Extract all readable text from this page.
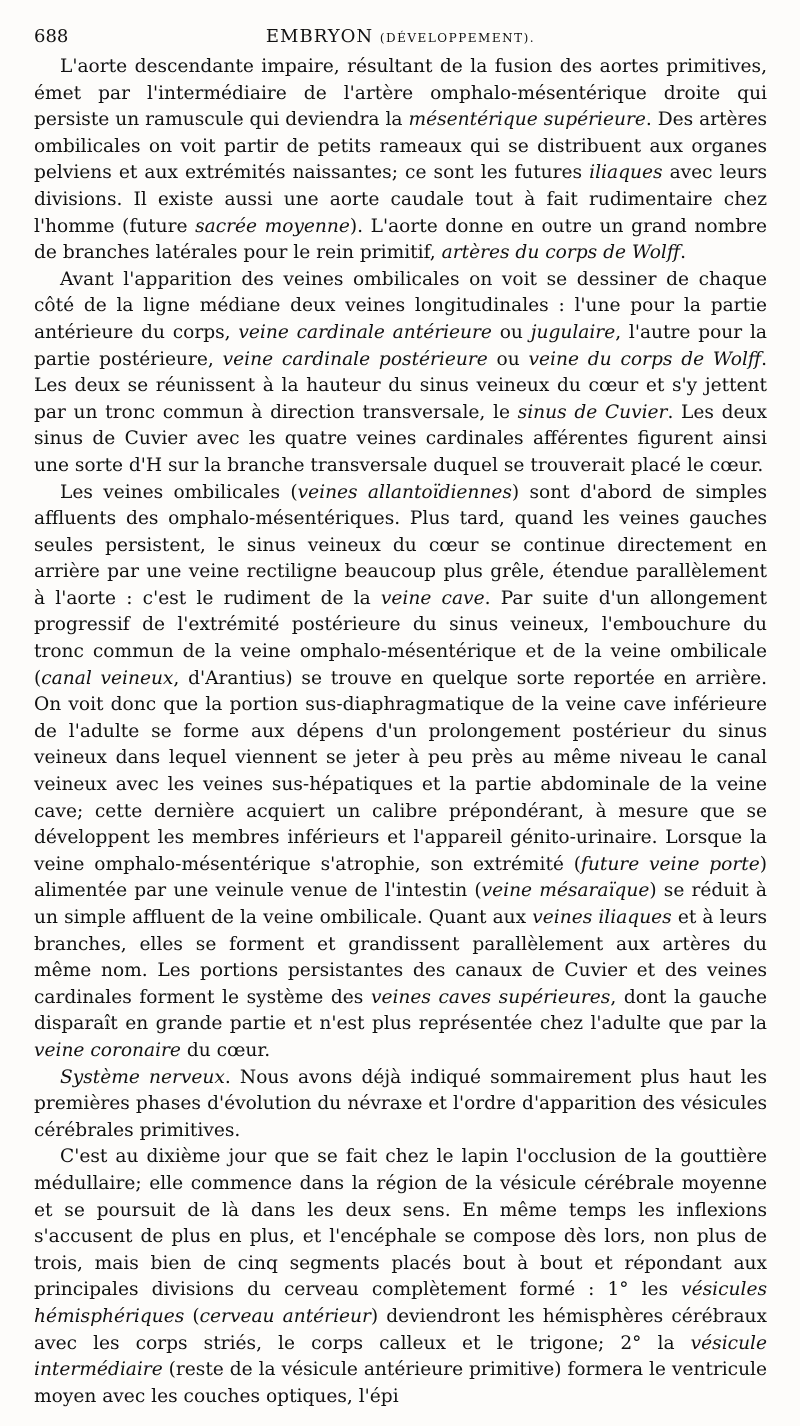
688	EMBRYON (DÉVELOPPEMENT).

L'aorte descendante impaire, résultant de la fusion des aortes primitives, émet par l'intermédiaire de l'artère omphalo-mésentérique droite qui persiste un ramuscule qui deviendra la mésentérique supérieure. Des artères ombilicales on voit partir de petits rameaux qui se distribuent aux organes pelviens et aux extrémités naissantes; ce sont les futures iliaques avec leurs divisions. Il existe aussi une aorte caudale tout à fait rudimentaire chez l'homme (future sacrée moyenne). L'aorte donne en outre un grand nombre de branches latérales pour le rein primitif, artères du corps de Wolff.

Avant l'apparition des veines ombilicales on voit se dessiner de chaque côté de la ligne médiane deux veines longitudinales : l'une pour la partie antérieure du corps, veine cardinale antérieure ou jugulaire, l'autre pour la partie postérieure, veine cardinale postérieure ou veine du corps de Wolff. Les deux se réunissent à la hauteur du sinus veineux du cœur et s'y jettent par un tronc commun à direction transversale, le sinus de Cuvier. Les deux sinus de Cuvier avec les quatre veines cardinales afférentes figurent ainsi une sorte d'H sur la branche transversale duquel se trouverait placé le cœur.

Les veines ombilicales (veines allantoïdiennes) sont d'abord de simples affluents des omphalo-mésentériques. Plus tard, quand les veines gauches seules persistent, le sinus veineux du cœur se continue directement en arrière par une veine rectiligne beaucoup plus grêle, étendue parallèlement à l'aorte : c'est le rudiment de la veine cave. Par suite d'un allongement progressif de l'extrémité postérieure du sinus veineux, l'embouchure du tronc commun de la veine omphalo-mésentérique et de la veine ombilicale (canal veineux, d'Arantius) se trouve en quelque sorte reportée en arrière. On voit donc que la portion sus-diaphragmatique de la veine cave inférieure de l'adulte se forme aux dépens d'un prolongement postérieur du sinus veineux dans lequel viennent se jeter à peu près au même niveau le canal veineux avec les veines sus-hépatiques et la partie abdominale de la veine cave; cette dernière acquiert un calibre prépondérant, à mesure que se développent les membres inférieurs et l'appareil génito-urinaire. Lorsque la veine omphalo-mésentérique s'atrophie, son extrémité (future veine porte) alimentée par une veinule venue de l'intestin (veine mésaraïque) se réduit à un simple affluent de la veine ombilicale. Quant aux veines iliaques et à leurs branches, elles se forment et grandissent parallèlement aux artères du même nom. Les portions persistantes des canaux de Cuvier et des veines cardinales forment le système des veines caves supérieures, dont la gauche disparaît en grande partie et n'est plus représentée chez l'adulte que par la veine coronaire du cœur.

Système nerveux. Nous avons déjà indiqué sommairement plus haut les premières phases d'évolution du névraxe et l'ordre d'apparition des vésicules cérébrales primitives.

C'est au dixième jour que se fait chez le lapin l'occlusion de la gouttière médullaire; elle commence dans la région de la vésicule cérébrale moyenne et se poursuit de là dans les deux sens. En même temps les inflexions s'accusent de plus en plus, et l'encéphale se compose dès lors, non plus de trois, mais bien de cinq segments placés bout à bout et répondant aux principales divisions du cerveau complètement formé : 1° les vésicules hémisphériques (cerveau antérieur) deviendront les hémisphères cérébraux avec les corps striés, le corps calleux et le trigone; 2° la vésicule intermédiaire (reste de la vésicule antérieure primitive) formera le ventricule moyen avec les couches optiques, l'épi
